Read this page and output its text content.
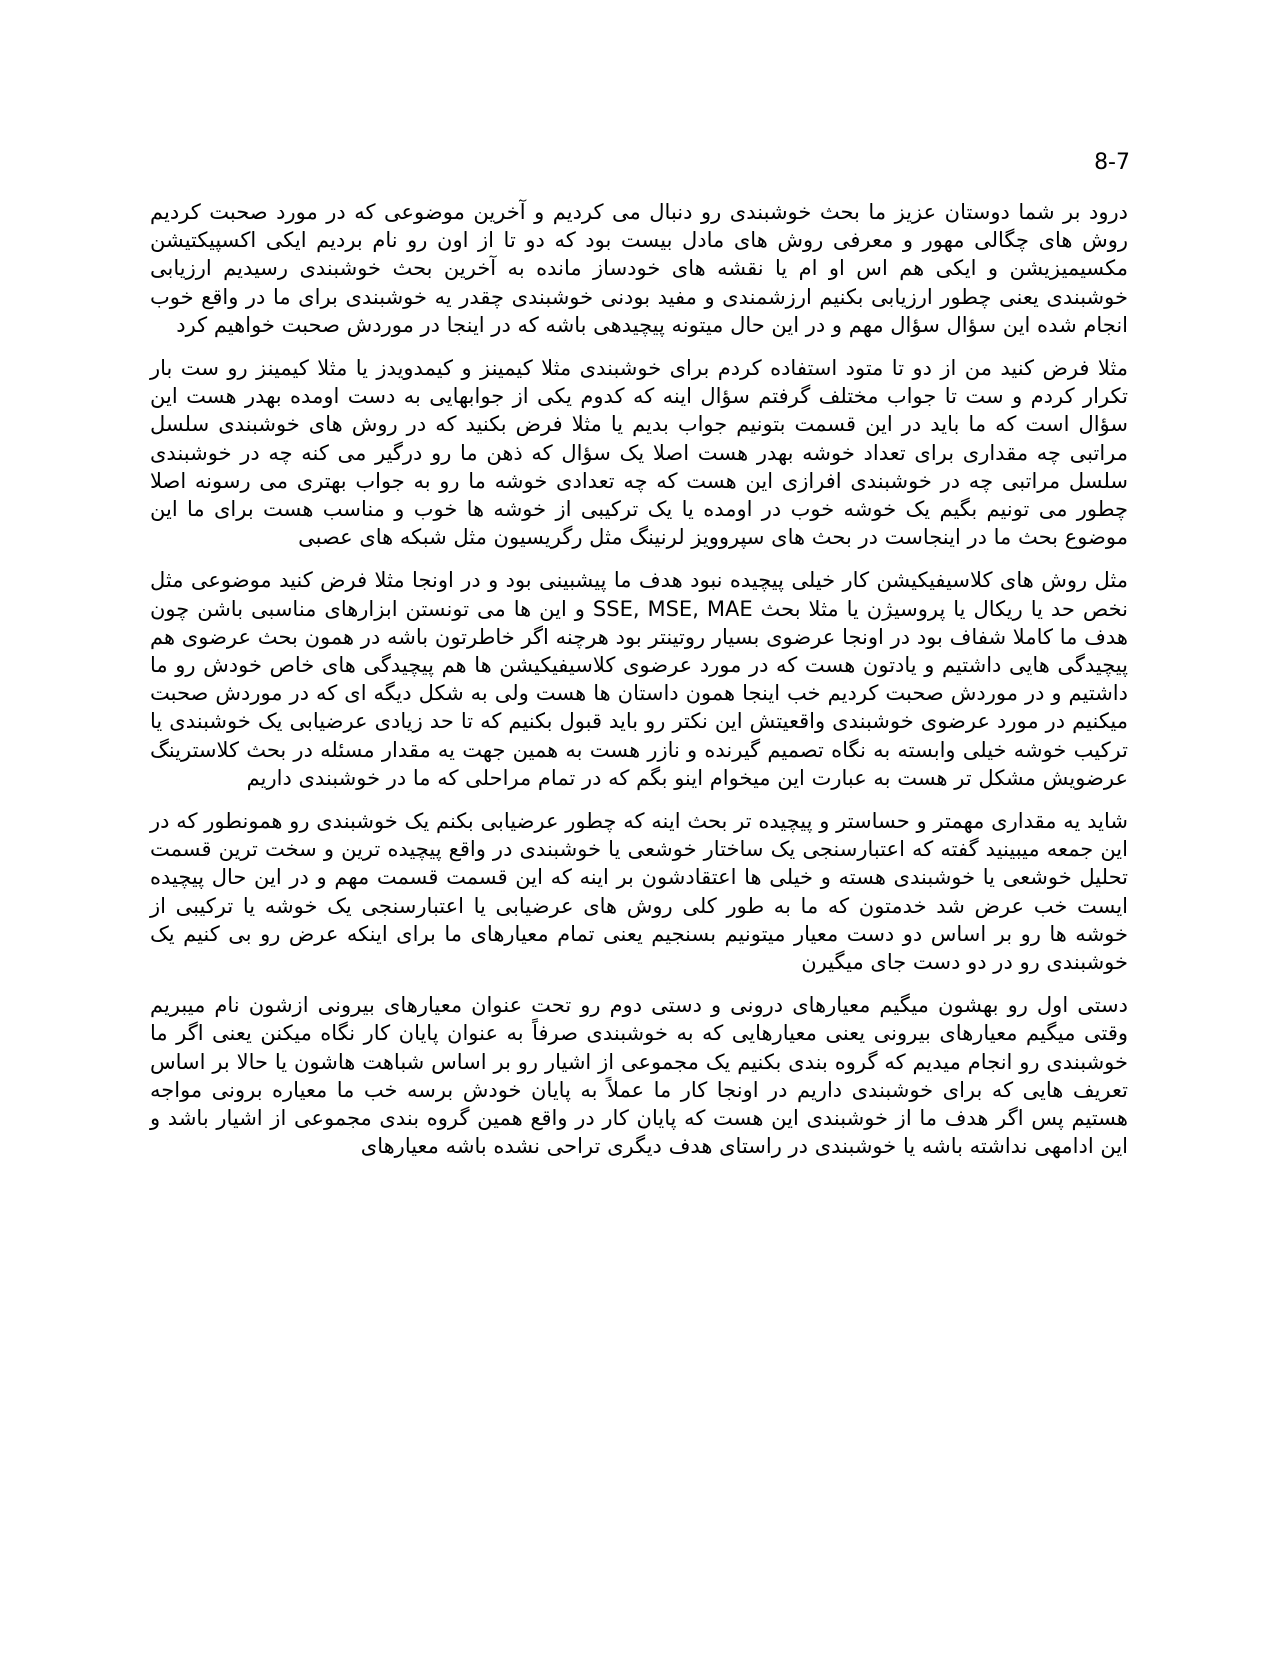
8-7

درود بر شما دوستان عزیز ما بحث خوشبندی رو دنبال می کردیم و آخرین موضوعی که در مورد صحبت کردیم روش های چگالی مهور و معرفی روش های مادل بیست بود که دو تا از اون رو نام بردیم ایکی اکسپیکتیشن مکسیمیزیشن و ایکی هم اس او ام یا نقشه های خودساز مانده به آخرین بحث خوشبندی رسیدیم ارزیابی خوشبندی یعنی چطور ارزیابی بکنیم ارزشمندی و مفید بودنی خوشبندی چقدر یه خوشبندی برای ما در واقع خوب انجام شده این سؤال سؤال مهم و در این حال میتونه پیچیدهی باشه که در اینجا در موردش صحبت خواهیم کرد

مثلا فرض کنید من از دو تا متود استفاده کردم برای خوشبندی مثلا کیمینز و کیمدویدز یا مثلا کیمینز رو ست بار تکرار کردم و ست تا جواب مختلف گرفتم سؤال اینه که کدوم یکی از جوابهایی به دست اومده بهدر هست این سؤال است که ما باید در این قسمت بتونیم جواب بدیم یا مثلا فرض بکنید که در روش های خوشبندی سلسل مراتبی چه مقداری برای تعداد خوشه بهدر هست اصلا یک سؤال که ذهن ما رو درگیر می کنه چه در خوشبندی سلسل مراتبی چه در خوشبندی افرازی این هست که چه تعدادی خوشه ما رو به جواب بهتری می رسونه اصلا چطور می تونیم بگیم یک خوشه خوب در اومده یا یک ترکیبی از خوشه ها خوب و مناسب هست برای ما این موضوع بحث ما در اینجاست در بحث های سپروویز لرنینگ مثل رگریسیون مثل شبکه های عصبی

مثل روش های کلاسیفیکیشن کار خیلی پیچیده نبود هدف ما پیشبینی بود و در اونجا مثلا فرض کنید موضوعی مثل نخص حد یا ریکال یا پروسیژن یا مثلا بحث SSE, MSE, MAE و این ها می تونستن ابزارهای مناسبی باشن چون هدف ما کاملا شفاف بود در اونجا عرضوی بسیار روتینتر بود هرچنه اگر خاطرتون باشه در همون بحث عرضوی هم پیچیدگی هایی داشتیم و یادتون هست که در مورد عرضوی کلاسیفیکیشن ها هم پیچیدگی های خاص خودش رو ما داشتیم و در موردش صحبت کردیم خب اینجا همون داستان ها هست ولی به شکل دیگه ای که در موردش صحبت میکنیم در مورد عرضوی خوشبندی واقعیتش این نکتر رو باید قبول بکنیم که تا حد زیادی عرضیابی یک خوشبندی یا ترکیب خوشه خیلی وابسته به نگاه تصمیم گیرنده و نازر هست به همین جهت یه مقدار مسئله در بحث کلاسترینگ عرضویش مشکل تر هست به عبارت این میخوام اینو بگم که در تمام مراحلی که ما در خوشبندی داریم

شاید یه مقداری مهمتر و حساستر و پیچیده تر بحث اینه که چطور عرضیابی بکنم یک خوشبندی رو همونطور که در این جمعه میبینید گفته که اعتبارسنجی یک ساختار خوشعی یا خوشبندی در واقع پیچیده ترین و سخت ترین قسمت تحلیل خوشعی یا خوشبندی هسته و خیلی ها اعتقادشون بر اینه که این قسمت قسمت مهم و در این حال پیچیده ایست خب عرض شد خدمتون که ما به طور کلی روش های عرضیابی یا اعتبارسنجی یک خوشه یا ترکیبی از خوشه ها رو بر اساس دو دست معیار میتونیم بسنجیم یعنی تمام معیارهای ما برای اینکه عرض رو بی کنیم یک خوشبندی رو در دو دست جای میگیرن

دستی اول رو بهشون میگیم معیارهای درونی و دستی دوم رو تحت عنوان معیارهای بیرونی ازشون نام میبریم وقتی میگیم معیارهای بیرونی یعنی معیارهایی که به خوشبندی صرفاً به عنوان پایان کار نگاه میکنن یعنی اگر ما خوشبندی رو انجام میدیم که گروه بندی بکنیم یک مجموعی از اشیار رو بر اساس شباهت هاشون یا حالا بر اساس تعریف هایی که برای خوشبندی داریم در اونجا کار ما عملاً به پایان خودش برسه خب ما معیاره برونی مواجه هستیم پس اگر هدف ما از خوشبندی این هست که پایان کار در واقع همین گروه بندی مجموعی از اشیار باشد و این ادامهی نداشته باشه یا خوشبندی در راستای هدف دیگری تراحی نشده باشه معیارهای
